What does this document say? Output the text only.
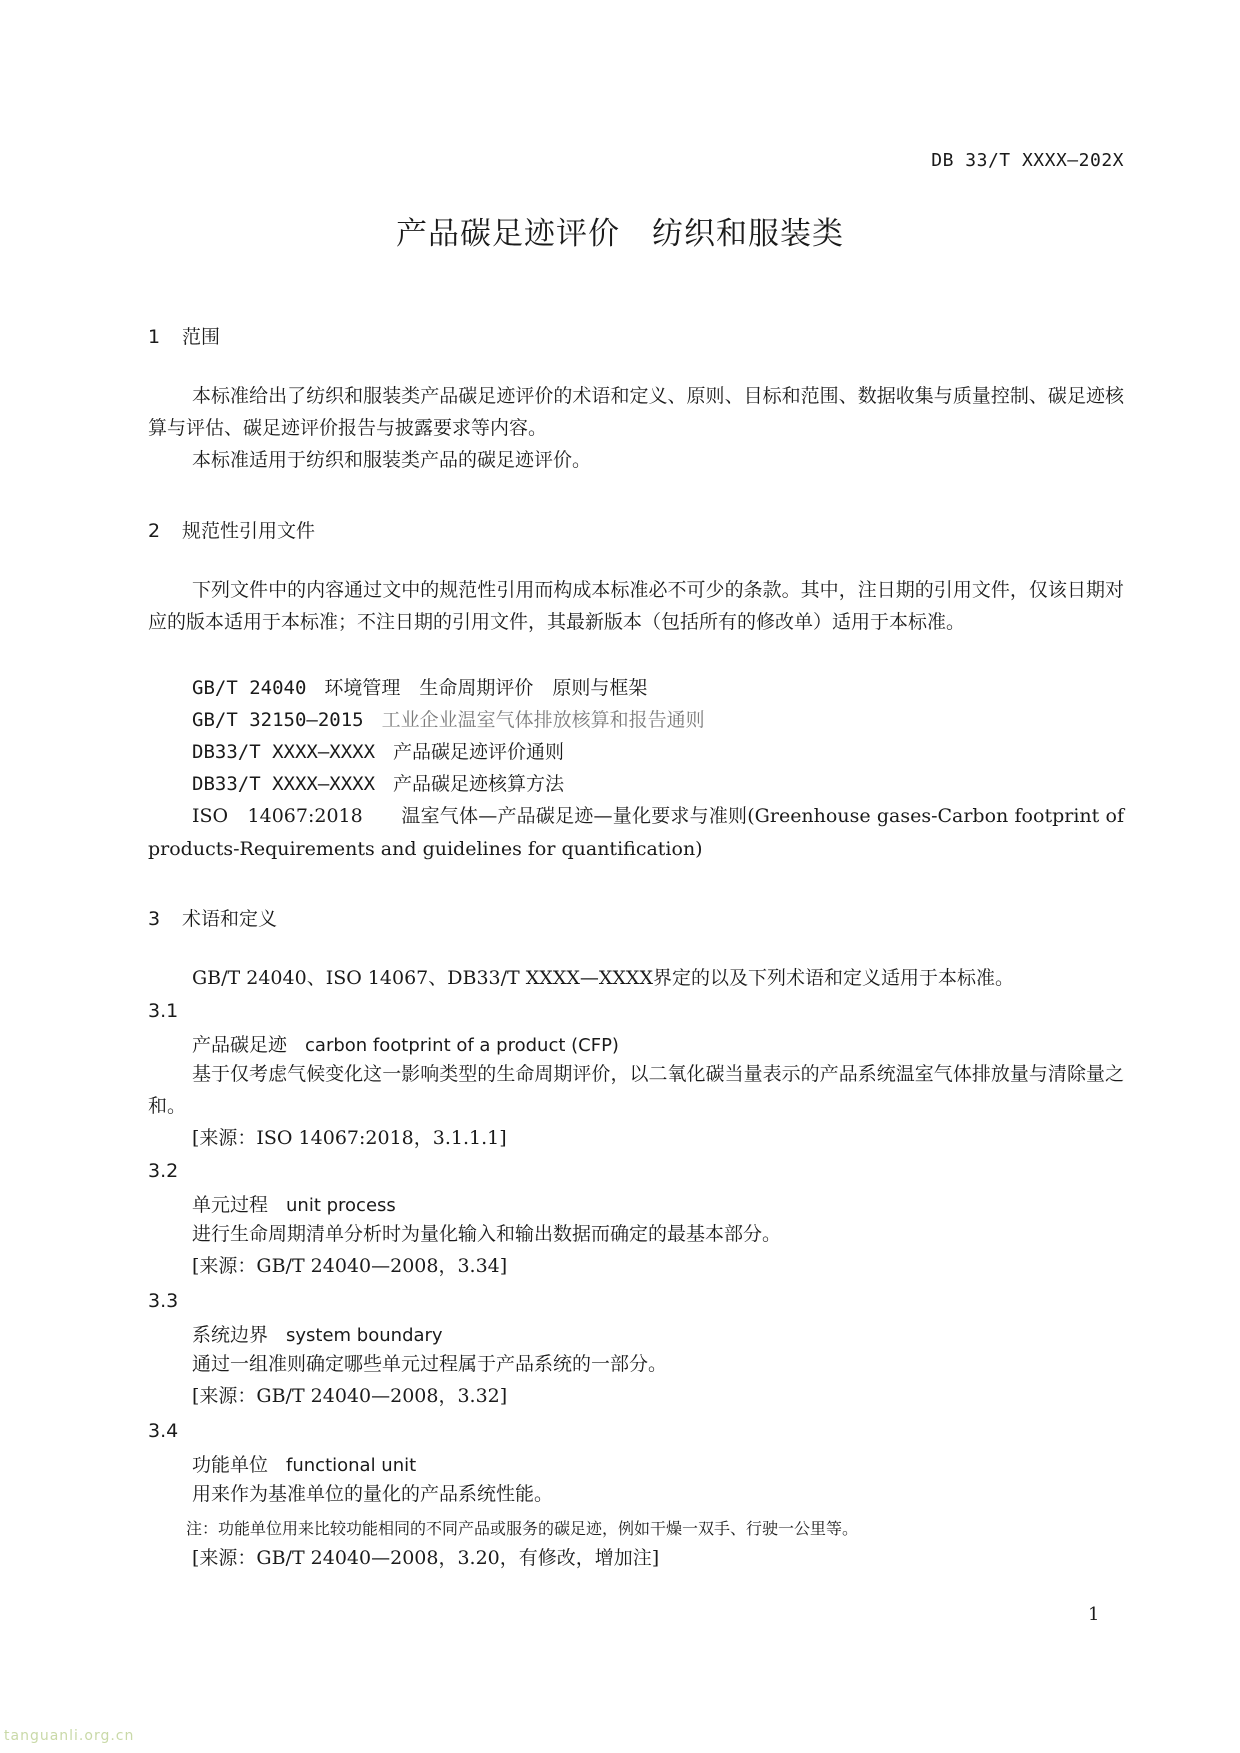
DB 33/T XXXX—202X
产品碳足迹评价　纺织和服装类
1 范围
本标准给出了纺织和服装类产品碳足迹评价的术语和定义、原则、目标和范围、数据收集与质量控制、碳足迹核算与评估、碳足迹评价报告与披露要求等内容。
本标准适用于纺织和服装类产品的碳足迹评价。
2 规范性引用文件
下列文件中的内容通过文中的规范性引用而构成本标准必不可少的条款。其中，注日期的引用文件，仅该日期对应的版本适用于本标准；不注日期的引用文件，其最新版本（包括所有的修改单）适用于本标准。
GB/T 24040 环境管理　生命周期评价　原则与框架
GB/T 32150—2015 工业企业温室气体排放核算和报告通则
DB33/T XXXX—XXXX 产品碳足迹评价通则
DB33/T XXXX—XXXX 产品碳足迹核算方法
ISO　14067:2018　　温室气体—产品碳足迹—量化要求与准则(Greenhouse gases-Carbon footprint of products-Requirements and guidelines for quantification)
3 术语和定义
GB/T 24040、ISO 14067、DB33/T XXXX—XXXX界定的以及下列术语和定义适用于本标准。
3.1
产品碳足迹 carbon footprint of a product (CFP)
基于仅考虑气候变化这一影响类型的生命周期评价，以二氧化碳当量表示的产品系统温室气体排放量与清除量之和。
[来源：ISO 14067:2018，3.1.1.1]
3.2
单元过程 unit process
进行生命周期清单分析时为量化输入和输出数据而确定的最基本部分。
[来源：GB/T 24040—2008，3.34]
3.3
系统边界 system boundary
通过一组准则确定哪些单元过程属于产品系统的一部分。
[来源：GB/T 24040—2008，3.32]
3.4
功能单位 functional unit
用来作为基准单位的量化的产品系统性能。
注：功能单位用来比较功能相同的不同产品或服务的碳足迹，例如干燥一双手、行驶一公里等。
[来源：GB/T 24040—2008，3.20，有修改，增加注]
1
tanguanli.org.cn
